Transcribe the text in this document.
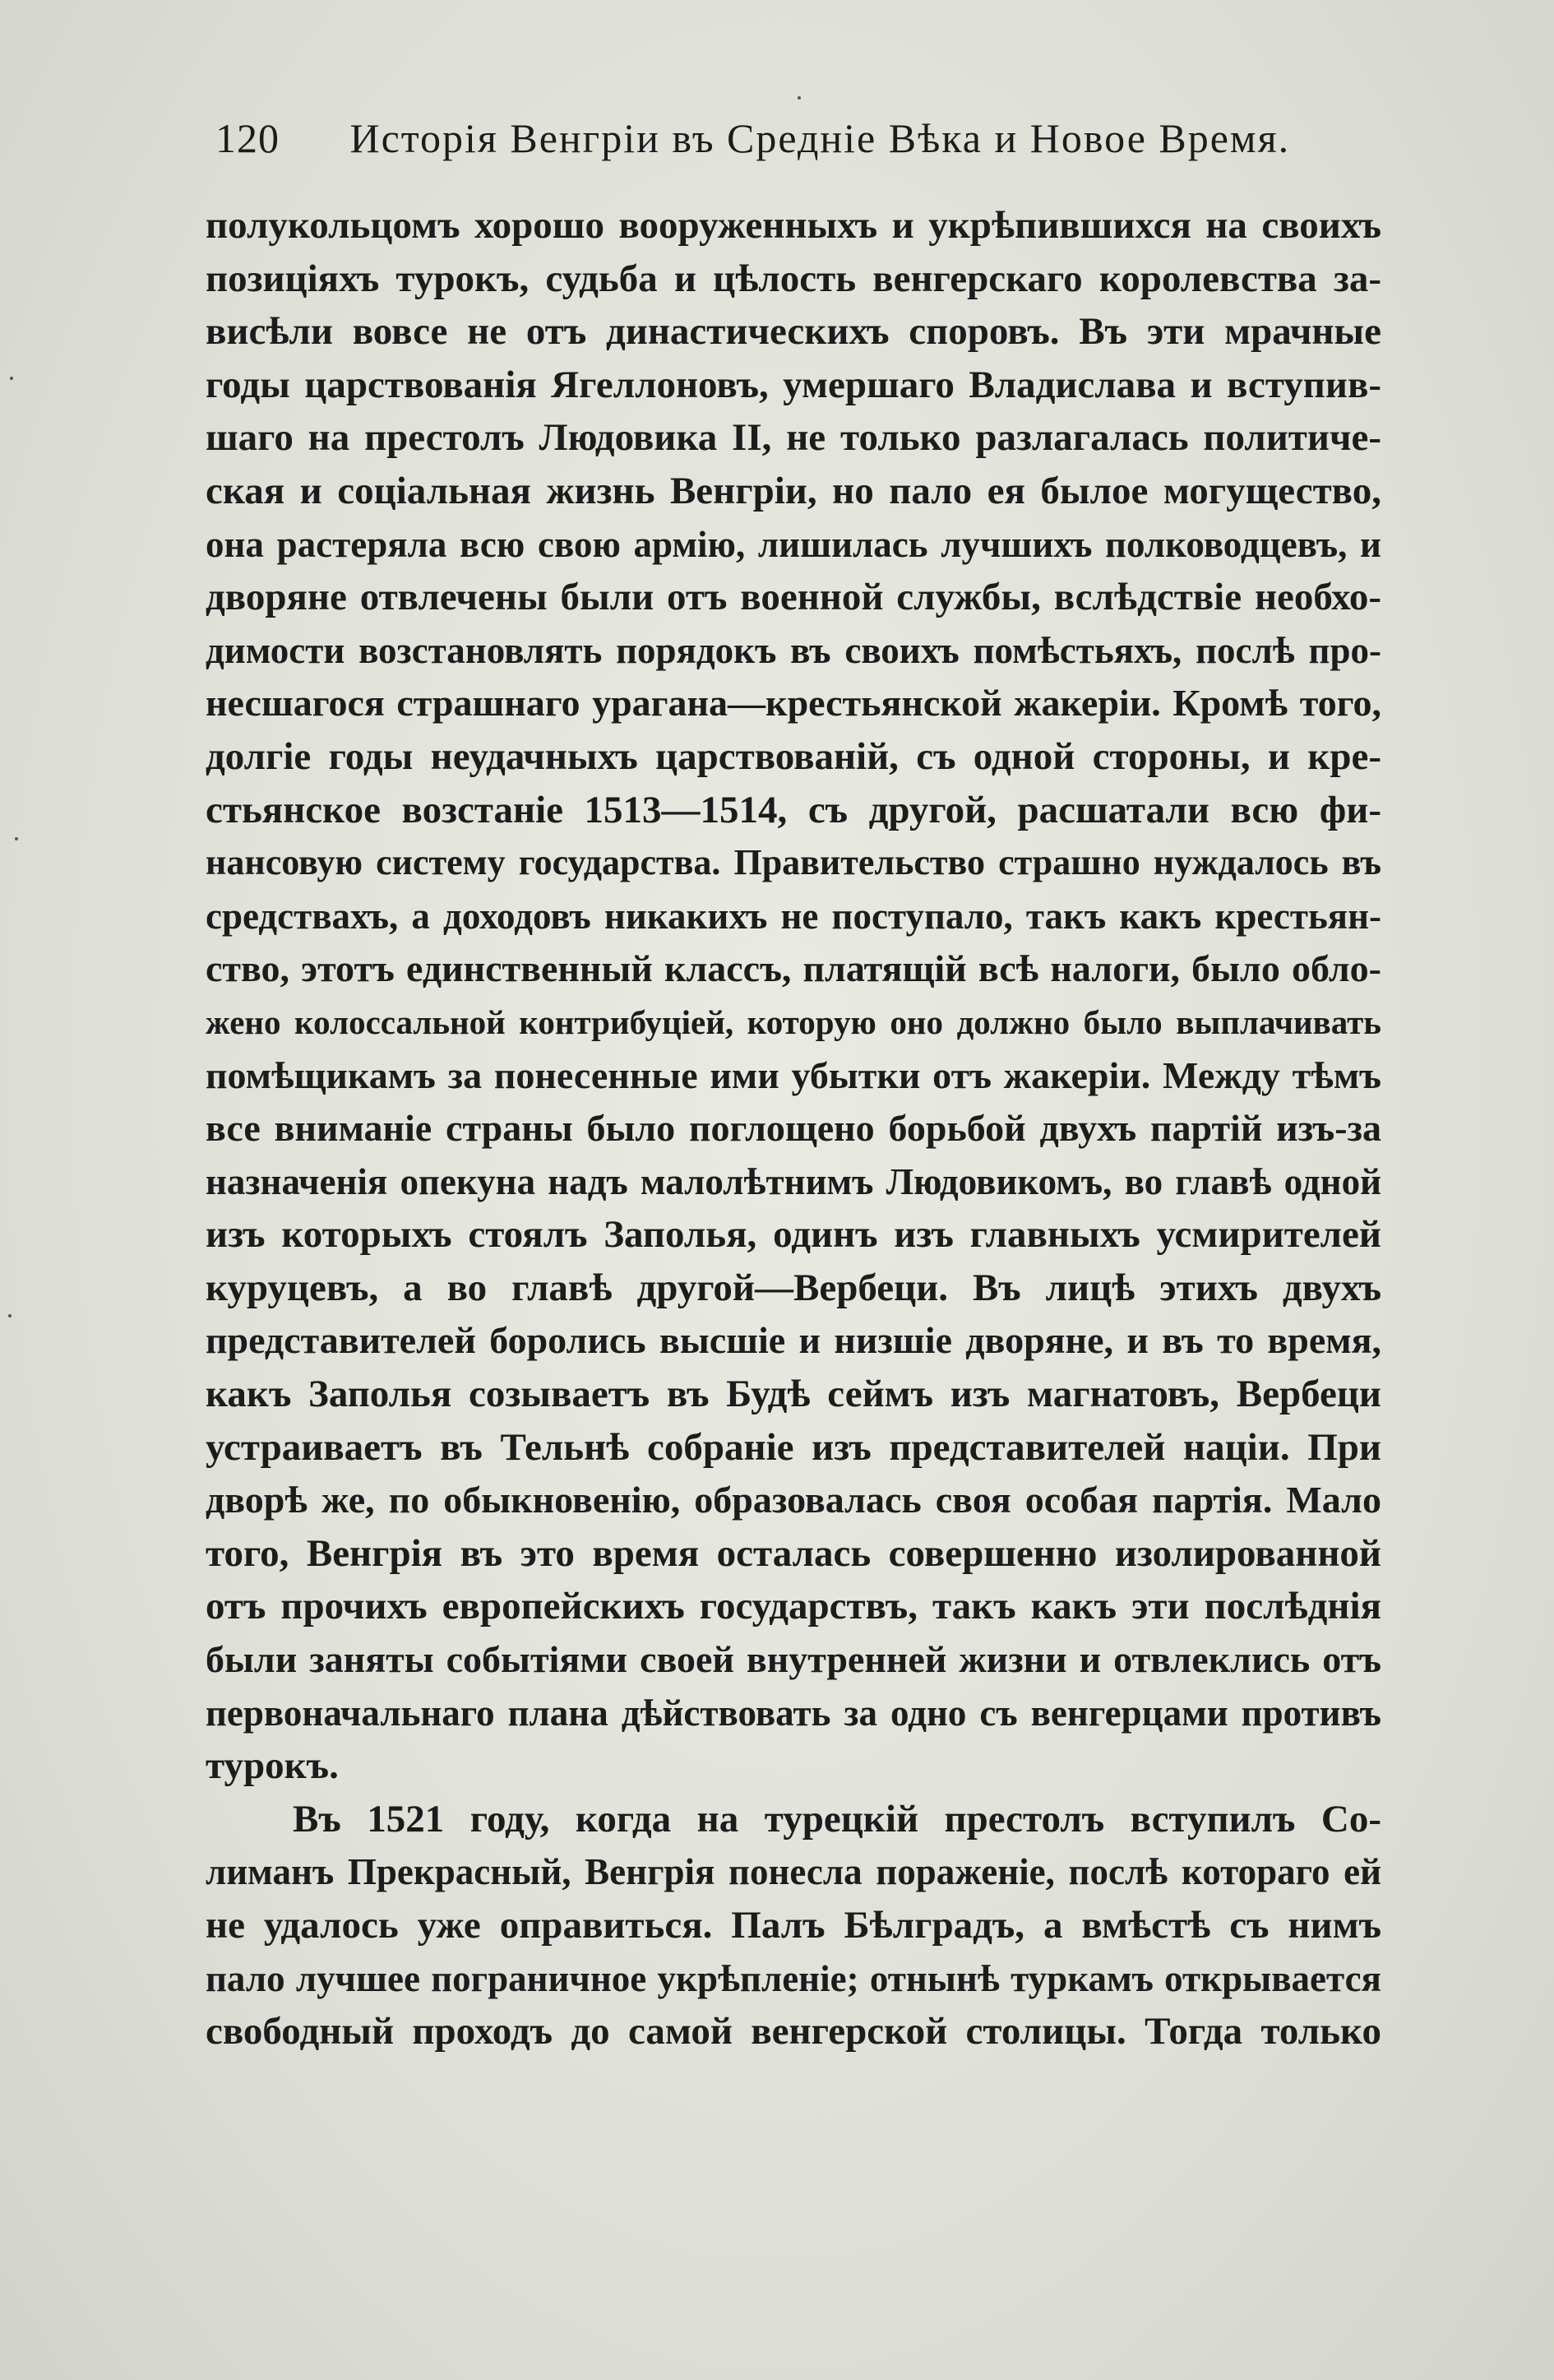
120 Исторія Венгріи въ Средніе Вѣка и Новое Время.
полукольцомъ хорошо вооруженныхъ и укрѣпившихся на своихъ
позиціяхъ турокъ, судьба и цѣлость венгерскаго королевства за-
висѣли вовсе не отъ династическихъ споровъ. Въ эти мрачные
годы царствованія Ягеллоновъ, умершаго Владислава и вступив-
шаго на престолъ Людовика II, не только разлагалась политиче-
ская и соціальная жизнь Венгріи, но пало ея былое могущество,
она растеряла всю свою армію, лишилась лучшихъ полководцевъ, и
дворяне отвлечены были отъ военной службы, вслѣдствіе необхо-
димости возстановлять порядокъ въ своихъ помѣстьяхъ, послѣ про-
несшагося страшнаго урагана—крестьянской жакеріи. Кромѣ того,
долгіе годы неудачныхъ царствованій, съ одной стороны, и кре-
стьянское возстаніе 1513—1514, съ другой, расшатали всю фи-
нансовую систему государства. Правительство страшно нуждалось въ
средствахъ, а доходовъ никакихъ не поступало, такъ какъ крестьян-
ство, этотъ единственный классъ, платящій всѣ налоги, было обло-
жено колоссальной контрибуціей, которую оно должно было выплачивать
помѣщикамъ за понесенные ими убытки отъ жакеріи. Между тѣмъ
все вниманіе страны было поглощено борьбой двухъ партій изъ-за
назначенія опекуна надъ малолѣтнимъ Людовикомъ, во главѣ одной
изъ которыхъ стоялъ Заполья, одинъ изъ главныхъ усмирителей
куруцевъ, а во главѣ другой—Вербеци. Въ лицѣ этихъ двухъ
представителей боролись высшіе и низшіе дворяне, и въ то время,
какъ Заполья созываетъ въ Будѣ сеймъ изъ магнатовъ, Вербеци
устраиваетъ въ Тельнѣ собраніе изъ представителей націи. При
дворѣ же, по обыкновенію, образовалась своя особая партія. Мало
того, Венгрія въ это время осталась совершенно изолированной
отъ прочихъ европейскихъ государствъ, такъ какъ эти послѣднія
были заняты событіями своей внутренней жизни и отвлеклись отъ
первоначальнаго плана дѣйствовать за одно съ венгерцами противъ
турокъ.
Въ 1521 году, когда на турецкій престолъ вступилъ Со-
лиманъ Прекрасный, Венгрія понесла пораженіе, послѣ котораго ей
не удалось уже оправиться. Палъ Бѣлградъ, а вмѣстѣ съ нимъ
пало лучшее пограничное укрѣпленіе; отнынѣ туркамъ открывается
свободный проходъ до самой венгерской столицы. Тогда только
